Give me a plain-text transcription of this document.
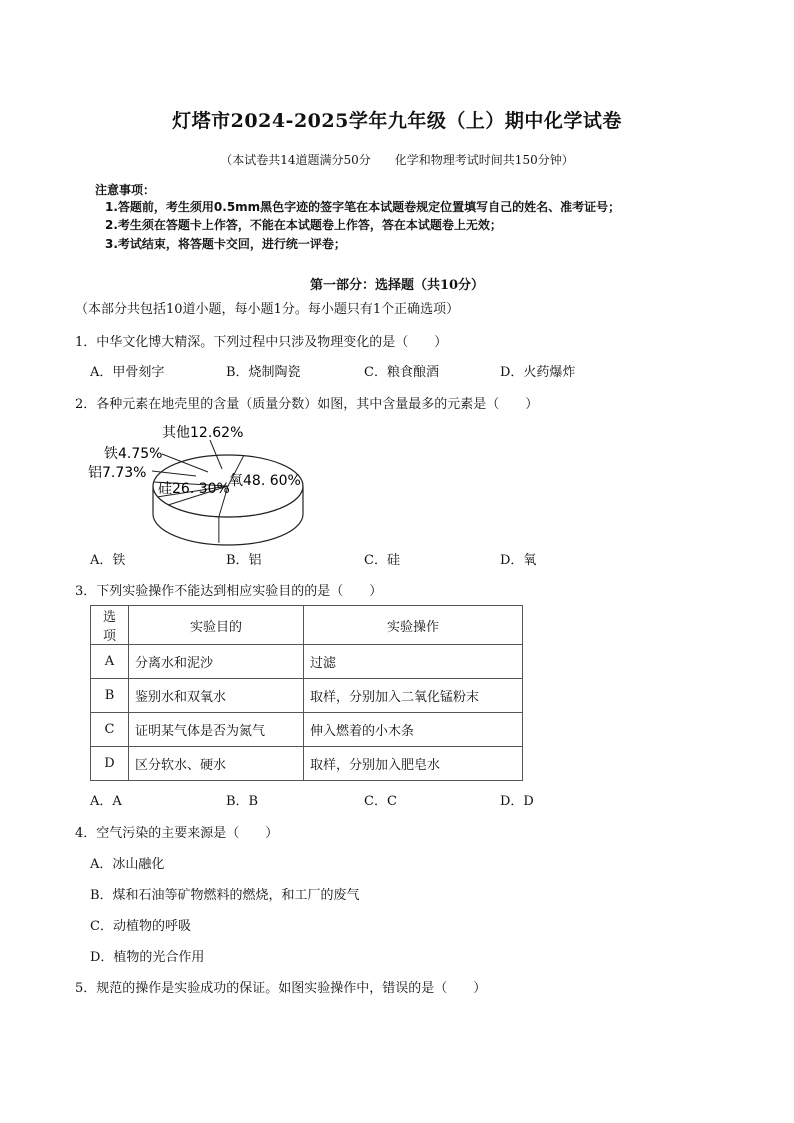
灯塔市2024-2025学年九年级（上）期中化学试卷
（本试卷共14道题满分50分　　化学和物理考试时间共150分钟）
注意事项：
1.答题前，考生须用0.5mm黑色字迹的签字笔在本试题卷规定位置填写自己的姓名、准考证号；
2.考生须在答题卡上作答，不能在本试题卷上作答，答在本试题卷上无效；
3.考试结束，将答题卡交回，进行统一评卷；
第一部分：选择题（共10分）
（本部分共包括10道小题，每小题1分。每小题只有1个正确选项）
1．中华文化博大精深。下列过程中只涉及物理变化的是（　　）
A．甲骨刻字	B．烧制陶瓷	C．粮食酿酒	D．火药爆炸
2．各种元素在地壳里的含量（质量分数）如图，其中含量最多的元素是（　　）
其他12.62%
铁4.75%
铝7.73%
硅26. 30% 氧48. 60%
A．铁	B．铝	C．硅	D．氧
3．下列实验操作不能达到相应实验目的的是（　　）
选项	实验目的	实验操作
A	分离水和泥沙	过滤
B	鉴别水和双氧水	取样，分别加入二氧化锰粉末
C	证明某气体是否为氮气	伸入燃着的小木条
D	区分软水、硬水	取样，分别加入肥皂水
A．A	B．B	C．C	D．D
4．空气污染的主要来源是（　　）
A．冰山融化
B．煤和石油等矿物燃料的燃烧，和工厂的废气
C．动植物的呼吸
D．植物的光合作用
5．规范的操作是实验成功的保证。如图实验操作中，错误的是（　　）
